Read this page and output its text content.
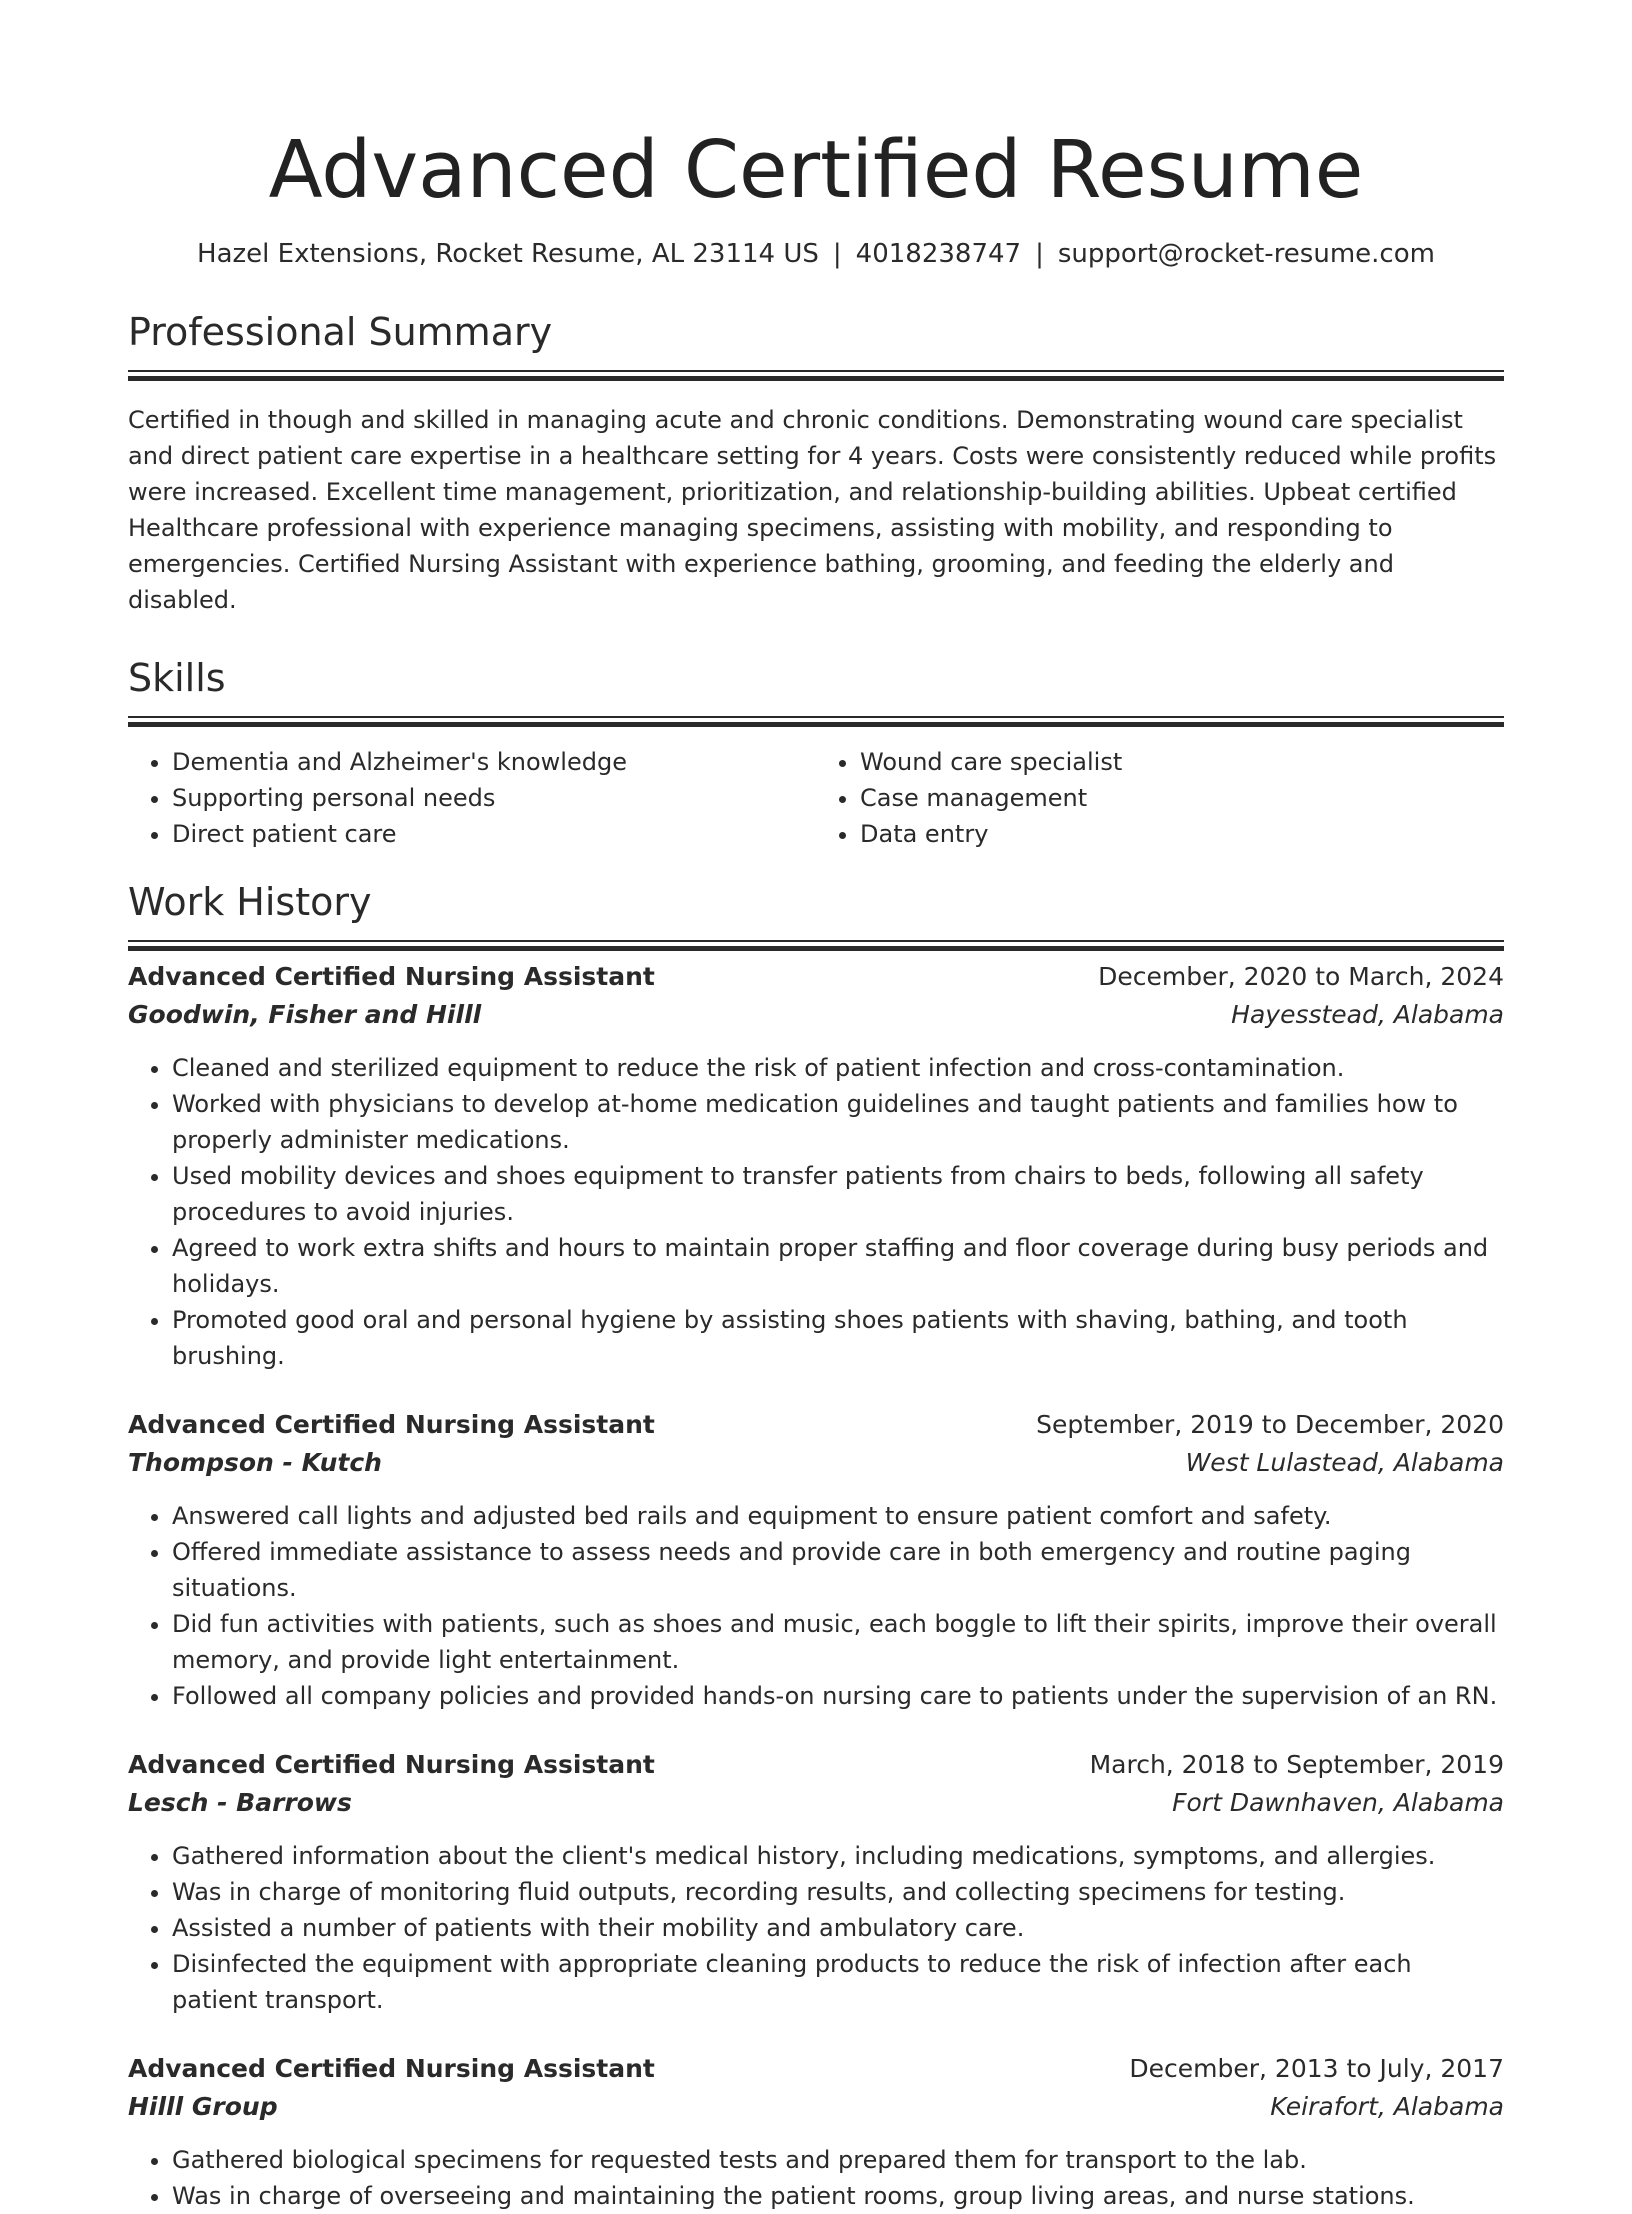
Advanced Certified Resume
Hazel Extensions, Rocket Resume, AL 23114 US | 4018238747 | support@rocket-resume.com
Professional Summary

Certified in though and skilled in managing acute and chronic conditions. Demonstrating wound care specialist and direct patient care expertise in a healthcare setting for 4 years. Costs were consistently reduced while profits were increased. Excellent time management, prioritization, and relationship-building abilities. Upbeat certified Healthcare professional with experience managing specimens, assisting with mobility, and responding to emergencies. Certified Nursing Assistant with experience bathing, grooming, and feeding the elderly and disabled.

Skills
• Dementia and Alzheimer's knowledge
• Supporting personal needs
• Direct patient care
• Wound care specialist
• Case management
• Data entry
Work History
Advanced Certified Nursing Assistant	December, 2020 to March, 2024
Goodwin, Fisher and Hilll	Hayesstead, Alabama
• Cleaned and sterilized equipment to reduce the risk of patient infection and cross-contamination.
• Worked with physicians to develop at-home medication guidelines and taught patients and families how to properly administer medications.
• Used mobility devices and shoes equipment to transfer patients from chairs to beds, following all safety procedures to avoid injuries.
• Agreed to work extra shifts and hours to maintain proper staffing and floor coverage during busy periods and holidays.
• Promoted good oral and personal hygiene by assisting shoes patients with shaving, bathing, and tooth brushing.
Advanced Certified Nursing Assistant	September, 2019 to December, 2020
Thompson - Kutch	West Lulastead, Alabama
• Answered call lights and adjusted bed rails and equipment to ensure patient comfort and safety.
• Offered immediate assistance to assess needs and provide care in both emergency and routine paging situations.
• Did fun activities with patients, such as shoes and music, each boggle to lift their spirits, improve their overall memory, and provide light entertainment.
• Followed all company policies and provided hands-on nursing care to patients under the supervision of an RN.
Advanced Certified Nursing Assistant	March, 2018 to September, 2019
Lesch - Barrows	Fort Dawnhaven, Alabama
• Gathered information about the client's medical history, including medications, symptoms, and allergies.
• Was in charge of monitoring fluid outputs, recording results, and collecting specimens for testing.
• Assisted a number of patients with their mobility and ambulatory care.
• Disinfected the equipment with appropriate cleaning products to reduce the risk of infection after each patient transport.
Advanced Certified Nursing Assistant	December, 2013 to July, 2017
Hilll Group	Keirafort, Alabama
• Gathered biological specimens for requested tests and prepared them for transport to the lab.
• Was in charge of overseeing and maintaining the patient rooms, group living areas, and nurse stations.
